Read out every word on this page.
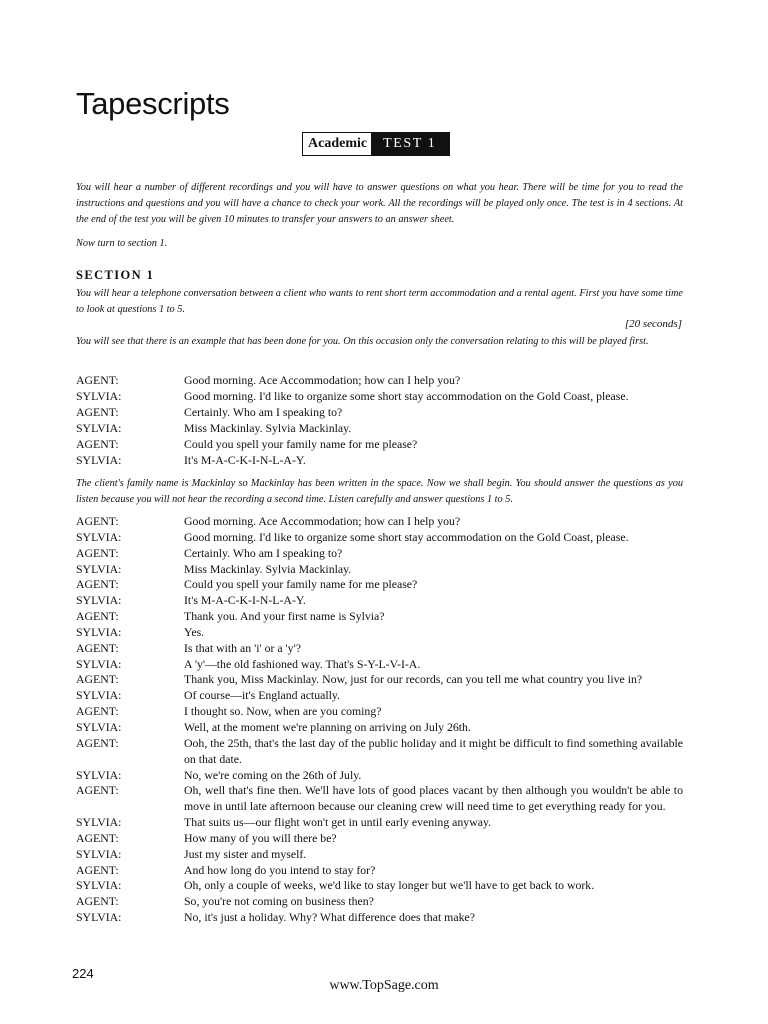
Tapescripts
Academic	TEST 1

You will hear a number of different recordings and you will have to answer questions on what you hear. There will be time for you to read the instructions and questions and you will have a chance to check your work. All the recordings will be played only once. The test is in 4 sections. At the end of the test you will be given 10 minutes to transfer your answers to an answer sheet.

Now turn to section 1.

SECTION 1

You will hear a telephone conversation between a client who wants to rent short term accommodation and a rental agent. First you have some time to look at questions 1 to 5.

[20 seconds]

You will see that there is an example that has been done for you. On this occasion only the conversation relating to this will be played first.

AGENT:	Good morning. Ace Accommodation; how can I help you?
SYLVIA:	Good morning. I'd like to organize some short stay accommodation on the Gold Coast, please.
AGENT:	Certainly. Who am I speaking to?
SYLVIA:	Miss Mackinlay. Sylvia Mackinlay.
AGENT:	Could you spell your family name for me please?
SYLVIA:	It's M-A-C-K-I-N-L-A-Y.

The client's family name is Mackinlay so Mackinlay has been written in the space. Now we shall begin. You should answer the questions as you listen because you will not hear the recording a second time. Listen carefully and answer questions 1 to 5.

AGENT:	Good morning. Ace Accommodation; how can I help you?
SYLVIA:	Good morning. I'd like to organize some short stay accommodation on the Gold Coast, please.
AGENT:	Certainly. Who am I speaking to?
SYLVIA:	Miss Mackinlay. Sylvia Mackinlay.
AGENT:	Could you spell your family name for me please?
SYLVIA:	It's M-A-C-K-I-N-L-A-Y.
AGENT:	Thank you. And your first name is Sylvia?
SYLVIA:	Yes.
AGENT:	Is that with an 'i' or a 'y'?
SYLVIA:	A 'y'—the old fashioned way. That's S-Y-L-V-I-A.
AGENT:	Thank you, Miss Mackinlay. Now, just for our records, can you tell me what country you live in?
SYLVIA:	Of course—it's England actually.
AGENT:	I thought so. Now, when are you coming?
SYLVIA:	Well, at the moment we're planning on arriving on July 26th.
AGENT:	Ooh, the 25th, that's the last day of the public holiday and it might be difficult to find something available on that date.
SYLVIA:	No, we're coming on the 26th of July.
AGENT:	Oh, well that's fine then. We'll have lots of good places vacant by then although you wouldn't be able to move in until late afternoon because our cleaning crew will need time to get everything ready for you.
SYLVIA:	That suits us—our flight won't get in until early evening anyway.
AGENT:	How many of you will there be?
SYLVIA:	Just my sister and myself.
AGENT:	And how long do you intend to stay for?
SYLVIA:	Oh, only a couple of weeks, we'd like to stay longer but we'll have to get back to work.
AGENT:	So, you're not coming on business then?
SYLVIA:	No, it's just a holiday. Why? What difference does that make?
224
www.TopSage.com
